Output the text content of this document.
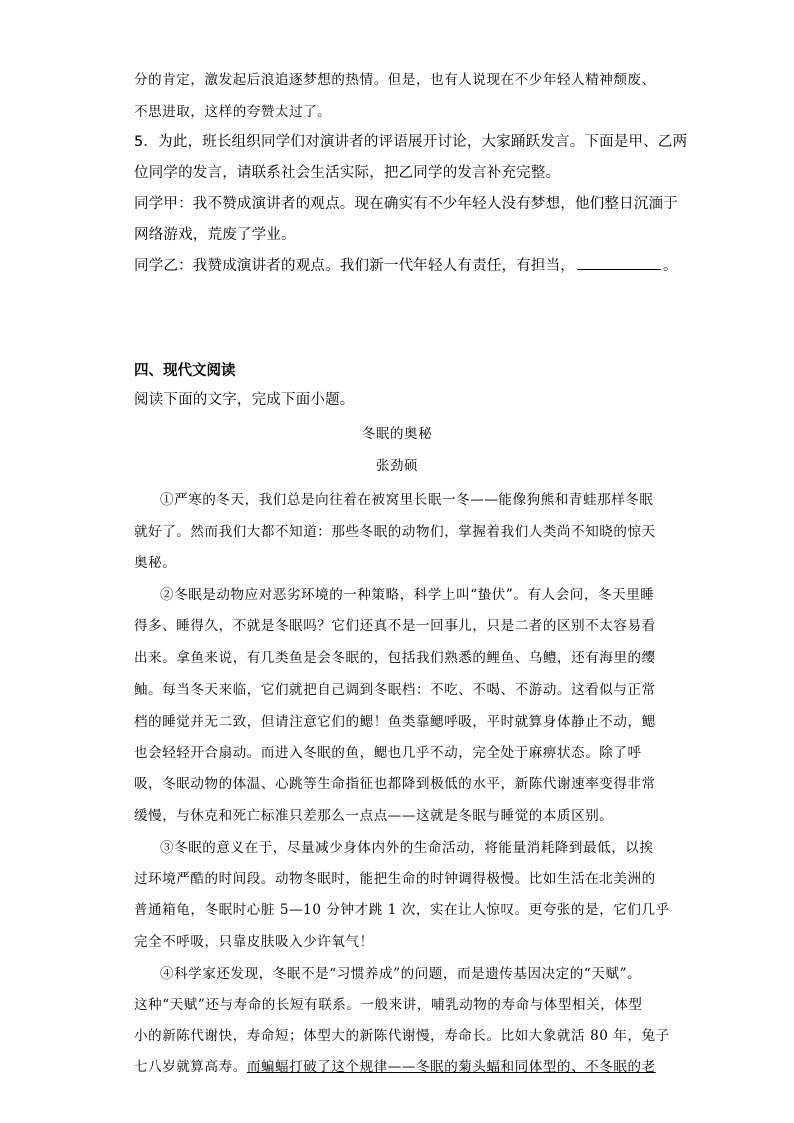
分的肯定，激发起后浪追逐梦想的热情。但是，也有人说现在不少年轻人精神颓废、
不思进取，这样的夸赞太过了。
5．为此，班长组织同学们对演讲者的评语展开讨论，大家踊跃发言。下面是甲、乙两
位同学的发言，请联系社会生活实际，把乙同学的发言补充完整。
同学甲：我不赞成演讲者的观点。现在确实有不少年轻人没有梦想，他们整日沉湎于
网络游戏，荒废了学业。
同学乙：我赞成演讲者的观点。我们新一代年轻人有责任，有担当，	。
四、现代文阅读
阅读下面的文字，完成下面小题。
冬眠的奥秘
张劲硕
①严寒的冬天，我们总是向往着在被窝里长眠一冬——能像狗熊和青蛙那样冬眠
就好了。然而我们大都不知道：那些冬眠的动物们，掌握着我们人类尚不知晓的惊天
奥秘。
②冬眠是动物应对恶劣环境的一种策略，科学上叫“蛰伏”。有人会问，冬天里睡
得多、睡得久，不就是冬眠吗？它们还真不是一回事儿，只是二者的区别不太容易看
出来。拿鱼来说，有几类鱼是会冬眠的，包括我们熟悉的鲤鱼、乌鳢，还有海里的缨
鲉。每当冬天来临，它们就把自己调到冬眠档：不吃、不喝、不游动。这看似与正常
档的睡觉并无二致，但请注意它们的鳃！鱼类靠鳃呼吸，平时就算身体静止不动，鳃
也会轻轻开合扇动。而进入冬眠的鱼，鳃也几乎不动，完全处于麻痹状态。除了呼
吸，冬眠动物的体温、心跳等生命指征也都降到极低的水平，新陈代谢速率变得非常
缓慢，与休克和死亡标准只差那么一点点——这就是冬眠与睡觉的本质区别。
③冬眠的意义在于，尽量减少身体内外的生命活动，将能量消耗降到最低，以挨
过环境严酷的时间段。动物冬眠时，能把生命的时钟调得极慢。比如生活在北美洲的
普通箱龟，冬眠时心脏 5—10 分钟才跳 1 次，实在让人惊叹。更夸张的是，它们几乎
完全不呼吸，只靠皮肤吸入少许氧气！
④科学家还发现，冬眠不是“习惯养成”的问题，而是遗传基因决定的“天赋”。
这种“天赋”还与寿命的长短有联系。一般来讲，哺乳动物的寿命与体型相关，体型
小的新陈代谢快，寿命短；体型大的新陈代谢慢，寿命长。比如大象就活 80 年，兔子
七八岁就算高寿。而蝙蝠打破了这个规律——冬眠的菊头蝠和同体型的、不冬眠的老
